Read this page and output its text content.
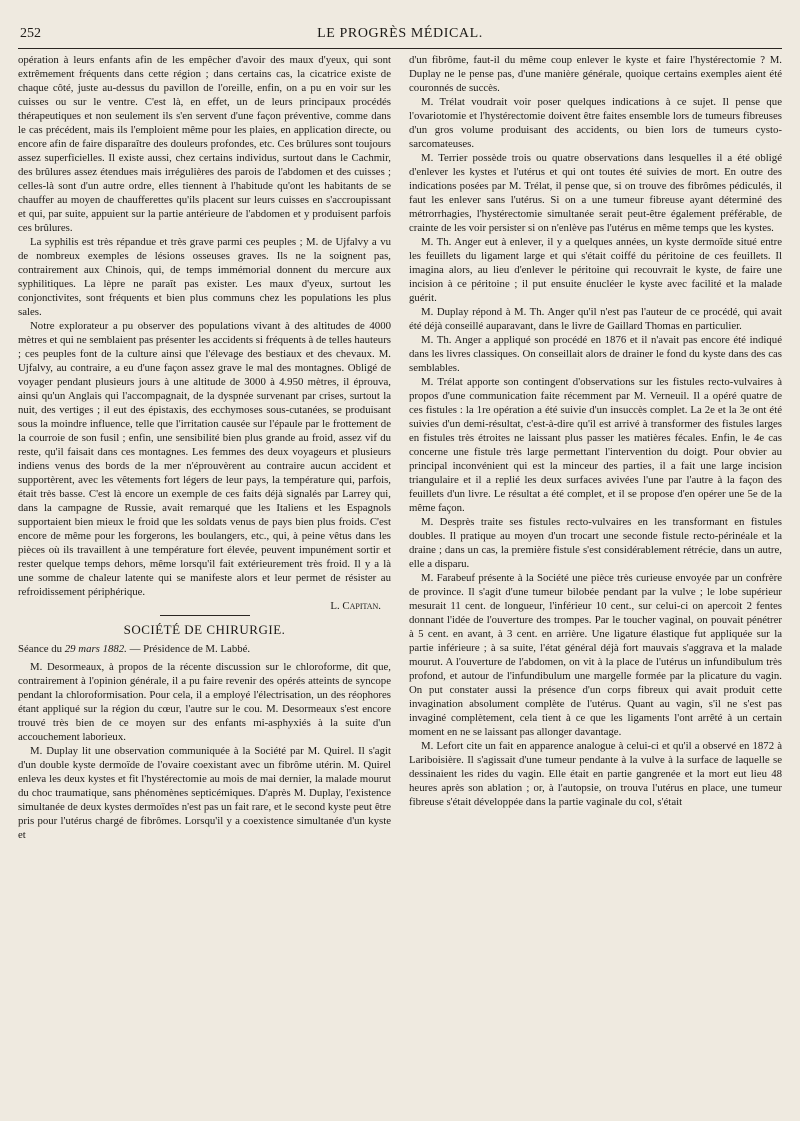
252	LE PROGRÈS MÉDICAL.

opération à leurs enfants afin de les empêcher d'avoir des maux d'yeux, qui sont extrêmement fréquents dans cette région ; dans certains cas, la cicatrice existe de chaque côté, juste au-dessus du pavillon de l'oreille, enfin, on a pu en voir sur les cuisses ou sur le ventre. C'est là, en effet, un de leurs principaux procédés thérapeutiques et non seulement ils s'en servent d'une façon préventive, comme dans le cas précédent, mais ils l'emploient même pour les plaies, en application directe, ou encore afin de faire disparaître des douleurs profondes, etc. Ces brûlures sont toujours assez superficielles. Il existe aussi, chez certains individus, surtout dans le Cachmir, des brûlures assez étendues mais irrégulières des parois de l'abdomen et des cuisses ; celles-là sont d'un autre ordre, elles tiennent à l'habitude qu'ont les habitants de se chauffer au moyen de chaufferettes qu'ils placent sur leurs cuisses en s'accroupissant et qui, par suite, appuient sur la partie antérieure de l'abdomen et y produisent parfois ces brûlures.

La syphilis est très répandue et très grave parmi ces peuples ; M. de Ujfalvy a vu de nombreux exemples de lésions osseuses graves. Ils ne la soignent pas, contrairement aux Chinois, qui, de temps immémorial donnent du mercure aux syphilitiques. La lèpre ne paraît pas exister. Les maux d'yeux, surtout les conjonctivites, sont fréquents et bien plus communs chez les populations les plus sales.

Notre explorateur a pu observer des populations vivant à des altitudes de 4000 mètres et qui ne semblaient pas présenter les accidents si fréquents à de telles hauteurs ; ces peuples font de la culture ainsi que l'élevage des bestiaux et des chevaux. M. Ujfalvy, au contraire, a eu d'une façon assez grave le mal des montagnes. Obligé de voyager pendant plusieurs jours à une altitude de 3000 à 4.950 mètres, il éprouva, ainsi qu'un Anglais qui l'accompagnait, de la dyspnée survenant par crises, surtout la nuit, des vertiges ; il eut des épistaxis, des ecchymoses sous-cutanées, se produisant sous la moindre influence, telle que l'irritation causée sur l'épaule par le frottement de la courroie de son fusil ; enfin, une sensibilité bien plus grande au froid, assez vif du reste, qu'il faisait dans ces montagnes. Les femmes des deux voyageurs et plusieurs indiens venus des bords de la mer n'éprouvèrent au contraire aucun accident et supportèrent, avec les vêtements fort légers de leur pays, la température qui, parfois, était très basse. C'est là encore un exemple de ces faits déjà signalés par Larrey qui, dans la campagne de Russie, avait remarqué que les Italiens et les Espagnols supportaient bien mieux le froid que les soldats venus de pays bien plus froids. C'est encore de même pour les forgerons, les boulangers, etc., qui, à peine vêtus dans les pièces où ils travaillent à une température fort élevée, peuvent impunément sortir et rester quelque temps dehors, même lorsqu'il fait extérieurement très froid. Il y a là une somme de chaleur latente qui se manifeste alors et leur permet de résister au refroidissement périphérique.

L. Capitan.
SOCIÉTÉ DE CHIRURGIE.
Séance du 29 mars 1882. — Présidence de M. Labbé.

M. Desormeaux, à propos de la récente discussion sur le chloroforme, dit que, contrairement à l'opinion générale, il a pu faire revenir des opérés atteints de syncope pendant la chloroformisation. Pour cela, il a employé l'électrisation, un des réophores étant appliqué sur la région du cœur, l'autre sur le cou. M. Desormeaux s'est encore trouvé très bien de ce moyen sur des enfants mi-asphyxiés à la suite d'un accouchement laborieux.

M. Duplay lit une observation communiquée à la Société par M. Quirel. Il s'agit d'un double kyste dermoïde de l'ovaire coexistant avec un fibrôme utérin. M. Quirel enleva les deux kystes et fit l'hystérectomie au mois de mai dernier, la malade mourut du choc traumatique, sans phénomènes septicémiques. D'après M. Duplay, l'existence simultanée de deux kystes dermoïdes n'est pas un fait rare, et le second kyste peut être pris pour l'utérus chargé de fibrômes. Lorsqu'il y a coexistence simultanée d'un kyste et

d'un fibrôme, faut-il du même coup enlever le kyste et faire l'hystérectomie ? M. Duplay ne le pense pas, d'une manière générale, quoique certains exemples aient été couronnés de succès.

M. Trélat voudrait voir poser quelques indications à ce sujet. Il pense que l'ovariotomie et l'hystérectomie doivent être faites ensemble lors de tumeurs fibreuses d'un gros volume produisant des accidents, ou bien lors de tumeurs cysto-sarcomateuses.

M. Terrier possède trois ou quatre observations dans lesquelles il a été obligé d'enlever les kystes et l'utérus et qui ont toutes été suivies de mort. En outre des indications posées par M. Trélat, il pense que, si on trouve des fibrômes pédiculés, il faut les enlever sans l'utérus. Si on a une tumeur fibreuse ayant déterminé des métrorrhagies, l'hystérectomie simultanée serait peut-être également préférable, de crainte de les voir persister si on n'enlève pas l'utérus en même temps que les kystes.

M. Th. Anger eut à enlever, il y a quelques années, un kyste dermoïde situé entre les feuillets du ligament large et qui s'était coiffé du péritoine de ces feuillets. Il imagina alors, au lieu d'enlever le péritoine qui recouvrait le kyste, de faire une incision à ce péritoine ; il put ensuite énucléer le kyste avec facilité et la malade guérit.

M. Duplay répond à M. Th. Anger qu'il n'est pas l'auteur de ce procédé, qui avait été déjà conseillé auparavant, dans le livre de Gaillard Thomas en particulier.

M. Th. Anger a appliqué son procédé en 1876 et il n'avait pas encore été indiqué dans les livres classiques. On conseillait alors de drainer le fond du kyste dans des cas semblables.

M. Trélat apporte son contingent d'observations sur les fistules recto-vulvaires à propos d'une communication faite récemment par M. Verneuil. Il a opéré quatre de ces fistules : la 1re opération a été suivie d'un insuccès complet. La 2e et la 3e ont été suivies d'un demi-résultat, c'est-à-dire qu'il est arrivé à transformer des fistules larges en fistules très étroites ne laissant plus passer les matières fécales. Enfin, le 4e cas concerne une fistule très large permettant l'intervention du doigt. Pour obvier au principal inconvénient qui est la minceur des parties, il a fait une large incision triangulaire et il a replié les deux surfaces avivées l'une par l'autre à la façon des feuillets d'un livre. Le résultat a été complet, et il se propose d'en opérer une 5e de la même façon.

M. Desprès traite ses fistules recto-vulvaires en les transformant en fistules doubles. Il pratique au moyen d'un trocart une seconde fistule recto-périnéale et la draine ; dans un cas, la première fistule s'est considérablement rétrécie, dans un autre, elle a disparu.

M. Farabeuf présente à la Société une pièce très curieuse envoyée par un confrère de province. Il s'agit d'une tumeur bilobée pendant par la vulve ; le lobe supérieur mesurait 11 cent. de longueur, l'inférieur 10 cent., sur celui-ci on apercoit 2 fentes donnant l'idée de l'ouverture des trompes. Par le toucher vaginal, on pouvait pénétrer à 5 cent. en avant, à 3 cent. en arrière. Une ligature élastique fut appliquée sur la partie inférieure ; à sa suite, l'état général déjà fort mauvais s'aggrava et la malade mourut. A l'ouverture de l'abdomen, on vit à la place de l'utérus un infundibulum très profond, et autour de l'infundibulum une margelle formée par la plicature du vagin. On put constater aussi la présence d'un corps fibreux qui avait produit cette invagination absolument complète de l'utérus. Quant au vagin, s'il ne s'est pas invaginé complètement, cela tient à ce que les ligaments l'ont arrêté à un certain moment en ne se laissant pas allonger davantage.

M. Lefort cite un fait en apparence analogue à celui-ci et qu'il a observé en 1872 à Lariboisière. Il s'agissait d'une tumeur pendante à la vulve à la surface de laquelle se dessinaient les rides du vagin. Elle était en partie gangrenée et la mort eut lieu 48 heures après son ablation ; or, à l'autopsie, on trouva l'utérus en place, une tumeur fibreuse s'était développée dans la partie vaginale du col, s'était
